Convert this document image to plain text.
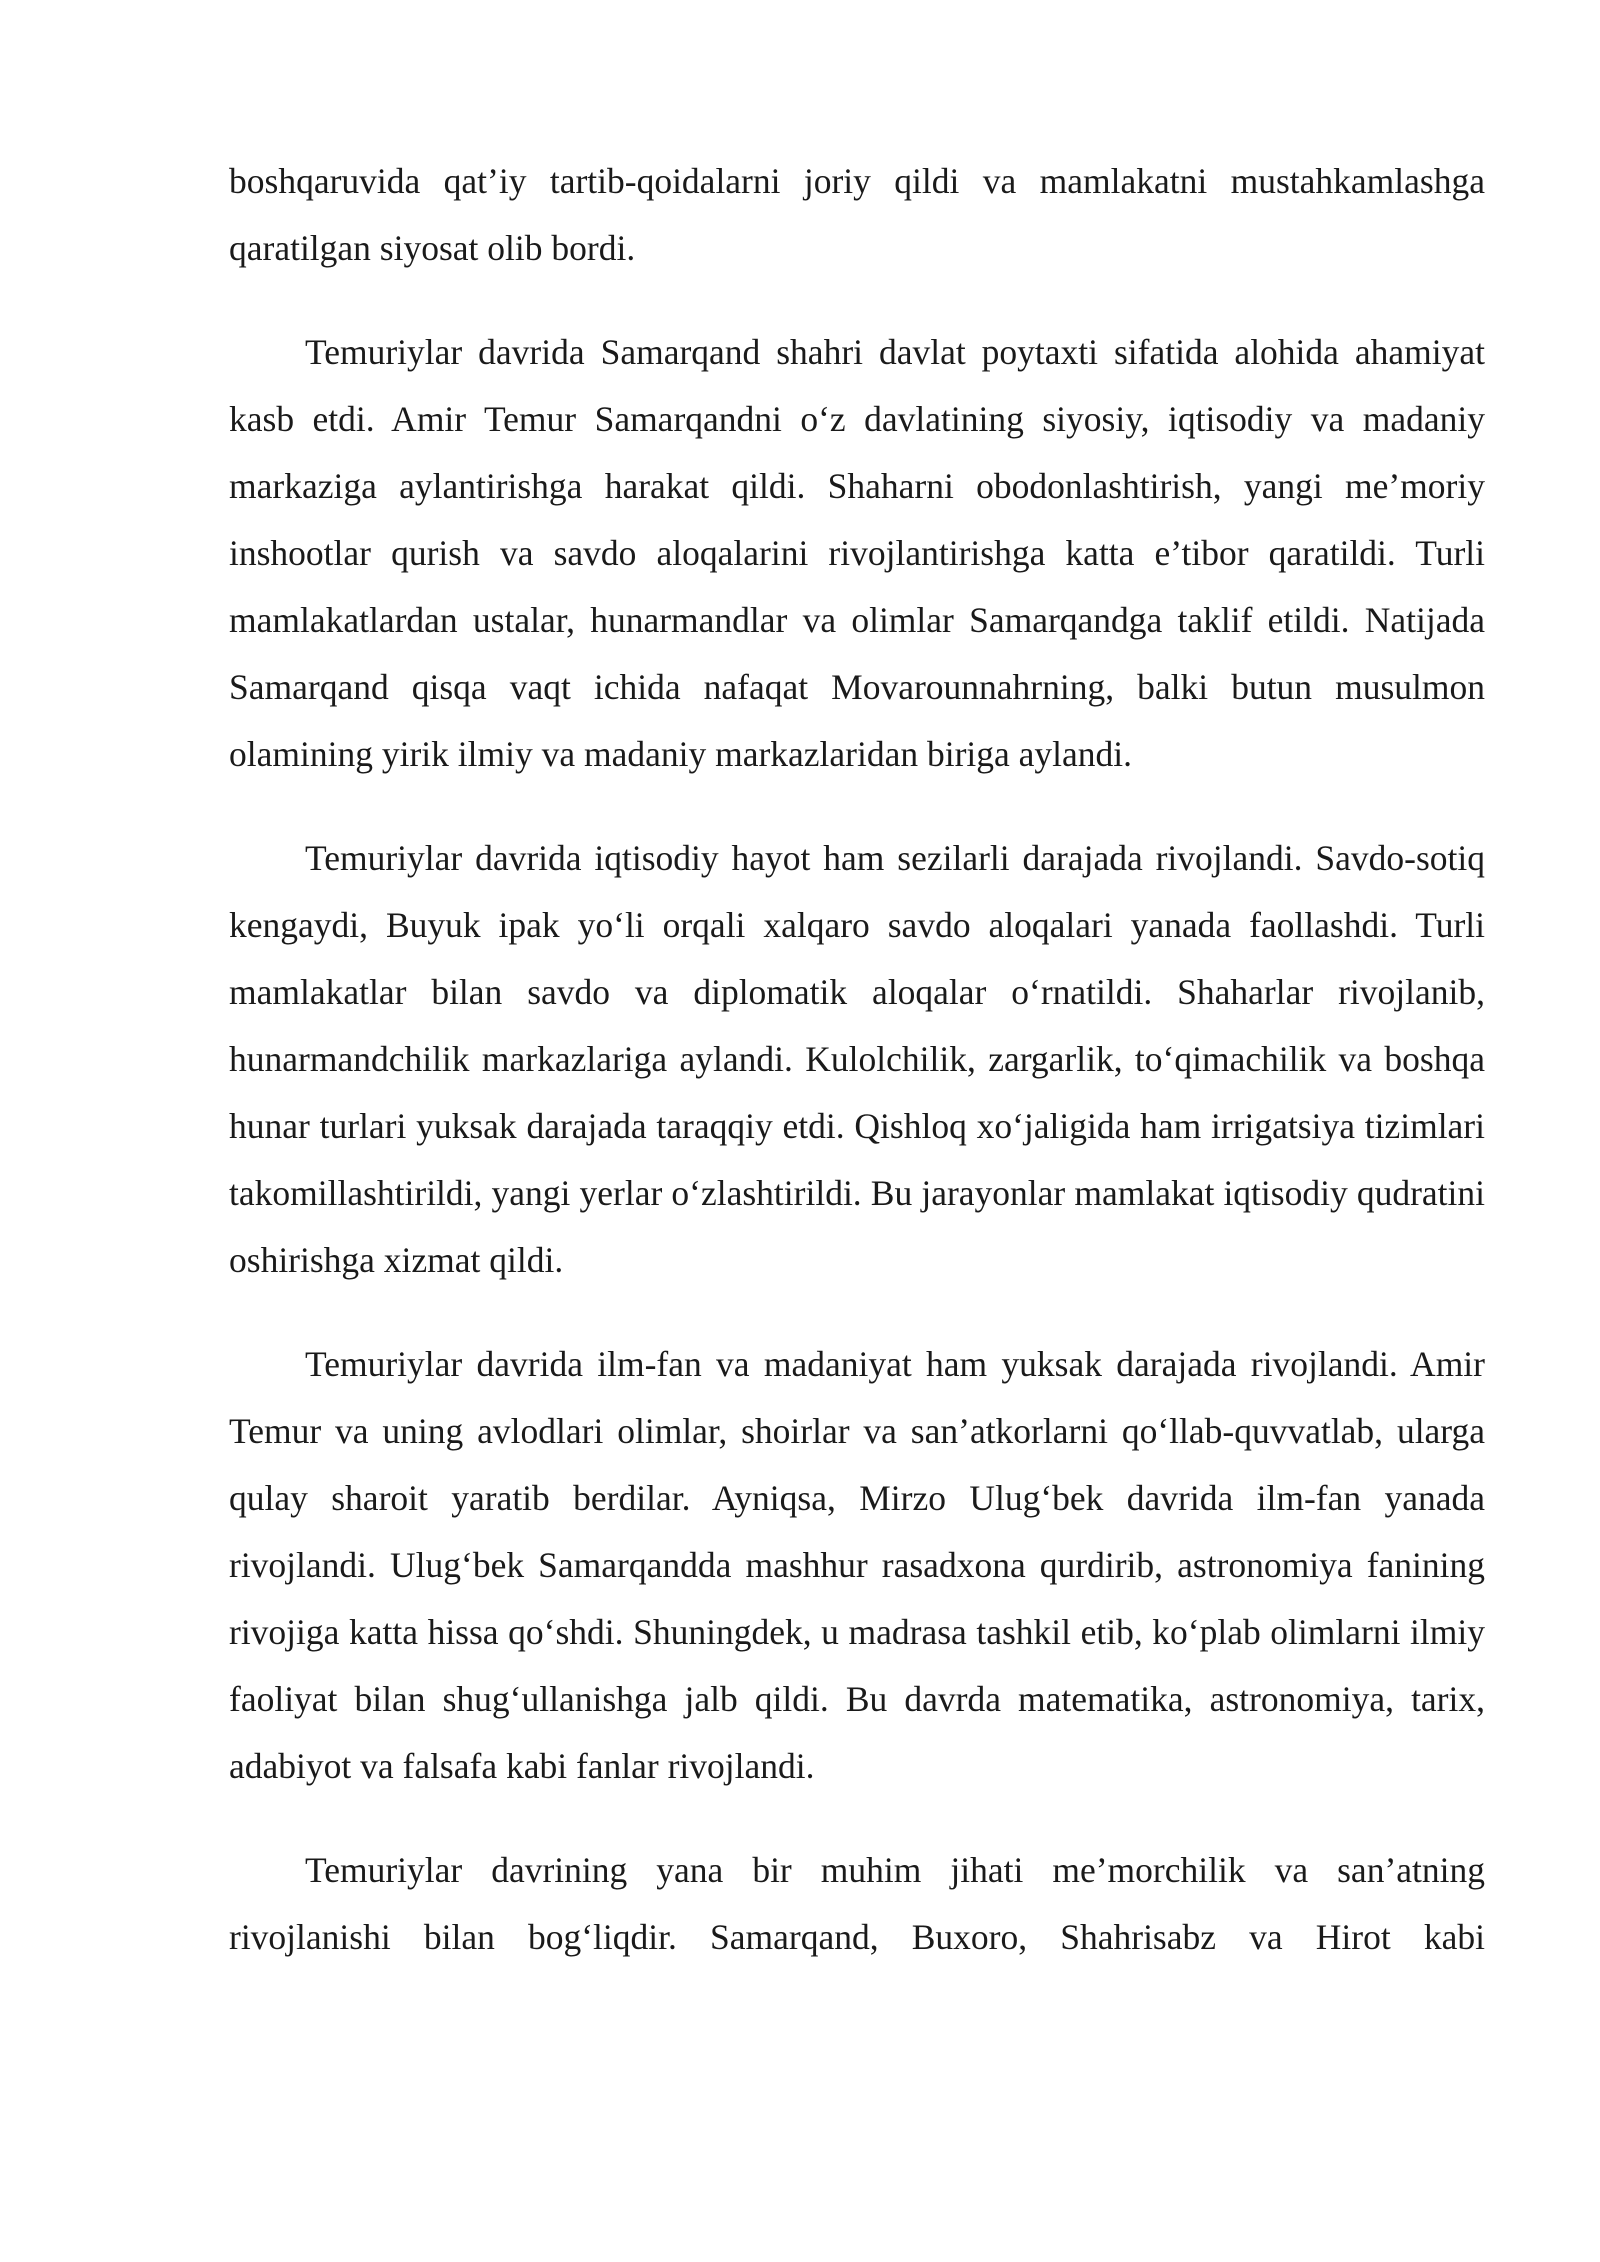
boshqaruvida qat’iy tartib-qoidalarni joriy qildi va mamlakatni mustahkamlashga qaratilgan siyosat olib bordi.

Temuriylar davrida Samarqand shahri davlat poytaxti sifatida alohida ahamiyat kasb etdi. Amir Temur Samarqandni o‘z davlatining siyosiy, iqtisodiy va madaniy markaziga aylantirishga harakat qildi. Shaharni obodonlashtirish, yangi me’moriy inshootlar qurish va savdo aloqalarini rivojlantirishga katta e’tibor qaratildi. Turli mamlakatlardan ustalar, hunarmandlar va olimlar Samarqandga taklif etildi. Natijada Samarqand qisqa vaqt ichida nafaqat Movarounnahrning, balki butun musulmon olamining yirik ilmiy va madaniy markazlaridan biriga aylandi.

Temuriylar davrida iqtisodiy hayot ham sezilarli darajada rivojlandi. Savdo-sotiq kengaydi, Buyuk ipak yo‘li orqali xalqaro savdo aloqalari yanada faollashdi. Turli mamlakatlar bilan savdo va diplomatik aloqalar o‘rnatildi. Shaharlar rivojlanib, hunarmandchilik markazlariga aylandi. Kulolchilik, zargarlik, to‘qimachilik va boshqa hunar turlari yuksak darajada taraqqiy etdi. Qishloq xo‘jaligida ham irrigatsiya tizimlari takomillashtirildi, yangi yerlar o‘zlashtirildi. Bu jarayonlar mamlakat iqtisodiy qudratini oshirishga xizmat qildi.

Temuriylar davrida ilm-fan va madaniyat ham yuksak darajada rivojlandi. Amir Temur va uning avlodlari olimlar, shoirlar va san’atkorlarni qo‘llab-quvvatlab, ularga qulay sharoit yaratib berdilar. Ayniqsa, Mirzo Ulug‘bek davrida ilm-fan yanada rivojlandi. Ulug‘bek Samarqandda mashhur rasadxona qurdirib, astronomiya fanining rivojiga katta hissa qo‘shdi. Shuningdek, u madrasa tashkil etib, ko‘plab olimlarni ilmiy faoliyat bilan shug‘ullanishga jalb qildi. Bu davrda matematika, astronomiya, tarix, adabiyot va falsafa kabi fanlar rivojlandi.

Temuriylar davrining yana bir muhim jihati me’morchilik va san’atning rivojlanishi bilan bog‘liqdir. Samarqand, Buxoro, Shahrisabz va Hirot kabi
